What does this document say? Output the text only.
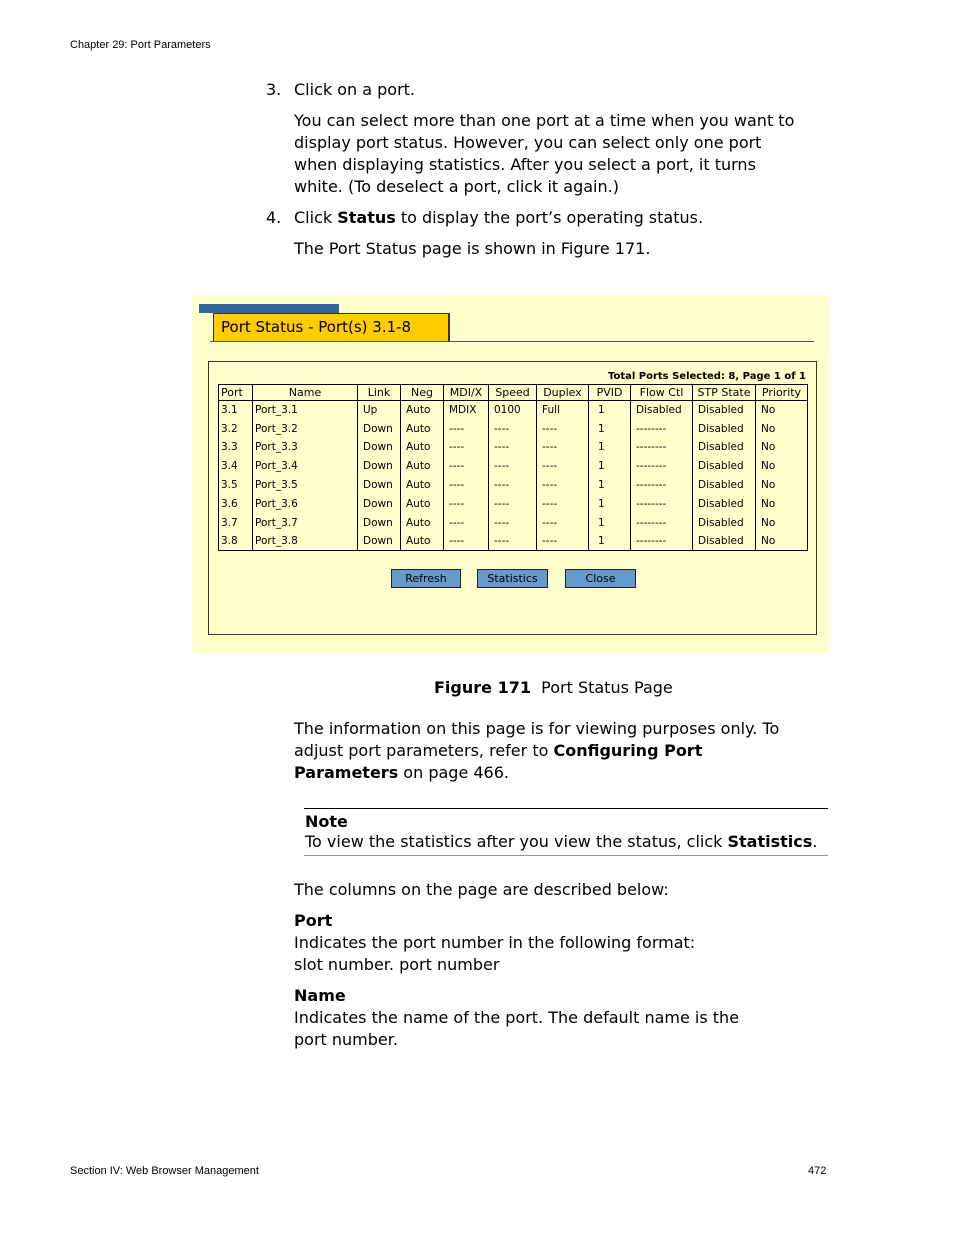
Chapter 29: Port Parameters
3. Click on a port.
You can select more than one port at a time when you want to display port status. However, you can select only one port when displaying statistics. After you select a port, it turns white. (To deselect a port, click it again.)
4. Click Status to display the port’s operating status.
The Port Status page is shown in Figure 171.
Port Status - Port(s) 3.1-8
Total Ports Selected: 8, Page 1 of 1
Port	Name	Link	Neg	MDI/X	Speed	Duplex	PVID	Flow Ctl	STP State	Priority
3.1	Port_3.1	Up	Auto	MDIX	0100	Full	1	Disabled	Disabled	No
3.2	Port_3.2	Down	Auto	----	----	----	1	--------	Disabled	No
3.3	Port_3.3	Down	Auto	----	----	----	1	--------	Disabled	No
3.4	Port_3.4	Down	Auto	----	----	----	1	--------	Disabled	No
3.5	Port_3.5	Down	Auto	----	----	----	1	--------	Disabled	No
3.6	Port_3.6	Down	Auto	----	----	----	1	--------	Disabled	No
3.7	Port_3.7	Down	Auto	----	----	----	1	--------	Disabled	No
3.8	Port_3.8	Down	Auto	----	----	----	1	--------	Disabled	No
Refresh	Statistics	Close
Figure 171 Port Status Page
The information on this page is for viewing purposes only. To adjust port parameters, refer to Configuring Port Parameters on page 466.
Note
To view the statistics after you view the status, click Statistics.
The columns on the page are described below:
Port
Indicates the port number in the following format:
slot number. port number
Name
Indicates the name of the port. The default name is the port number.
Section IV: Web Browser Management	472
